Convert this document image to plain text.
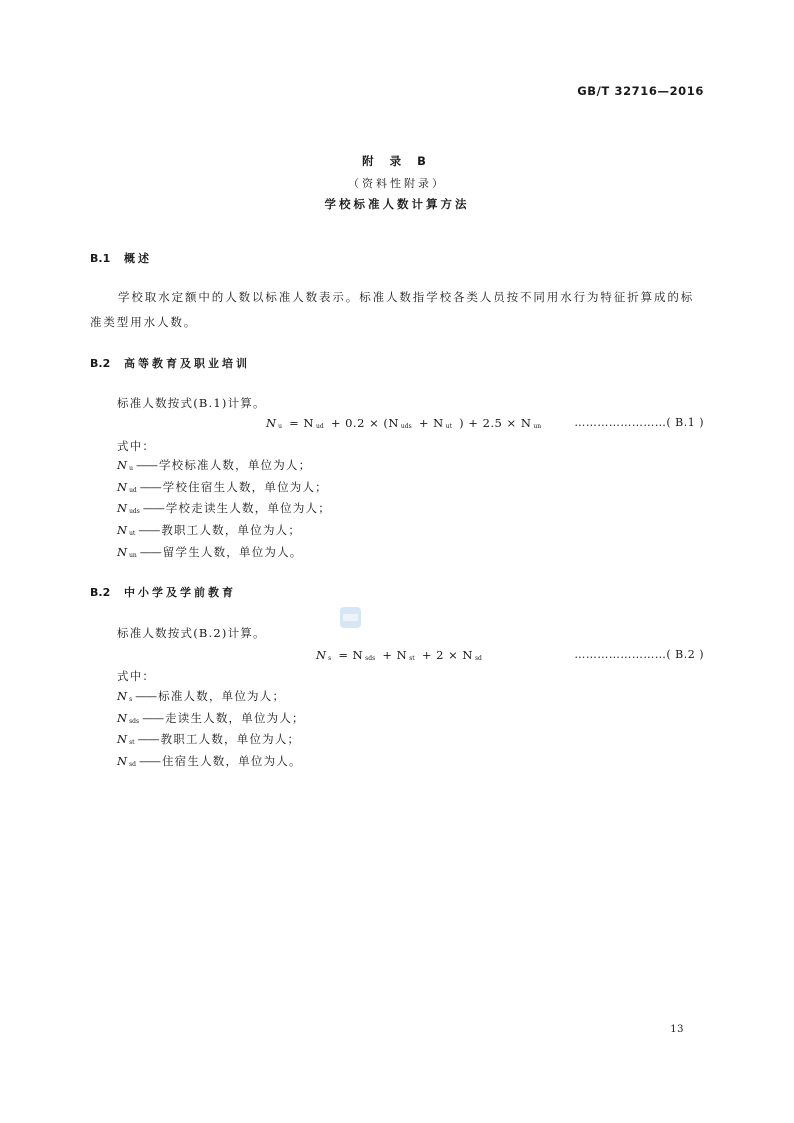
GB/T 32716—2016
附 录 B
（资料性附录）
学校标准人数计算方法
B.1 概述
学校取水定额中的人数以标准人数表示。标准人数指学校各类人员按不同用水行为特征折算成的标准类型用水人数。
B.2 高等教育及职业培训
标准人数按式(B.1)计算。
Nu = N ud + 0.2 × (N uds + N ut ) + 2.5 × N un	……………………( B.1 )
式中：
Nu —— 学校标准人数，单位为人；
Nud —— 学校住宿生人数，单位为人；
Nuds —— 学校走读生人数，单位为人；
Nut —— 教职工人数，单位为人；
Nun —— 留学生人数，单位为人。
B.2 中小学及学前教育
标准人数按式(B.2)计算。
Ns = N sds + N st + 2 × N sd	……………………( B.2 )
式中：
Ns —— 标准人数，单位为人；
Nsds —— 走读生人数，单位为人；
Nst —— 教职工人数，单位为人；
Nsd —— 住宿生人数，单位为人。
13
